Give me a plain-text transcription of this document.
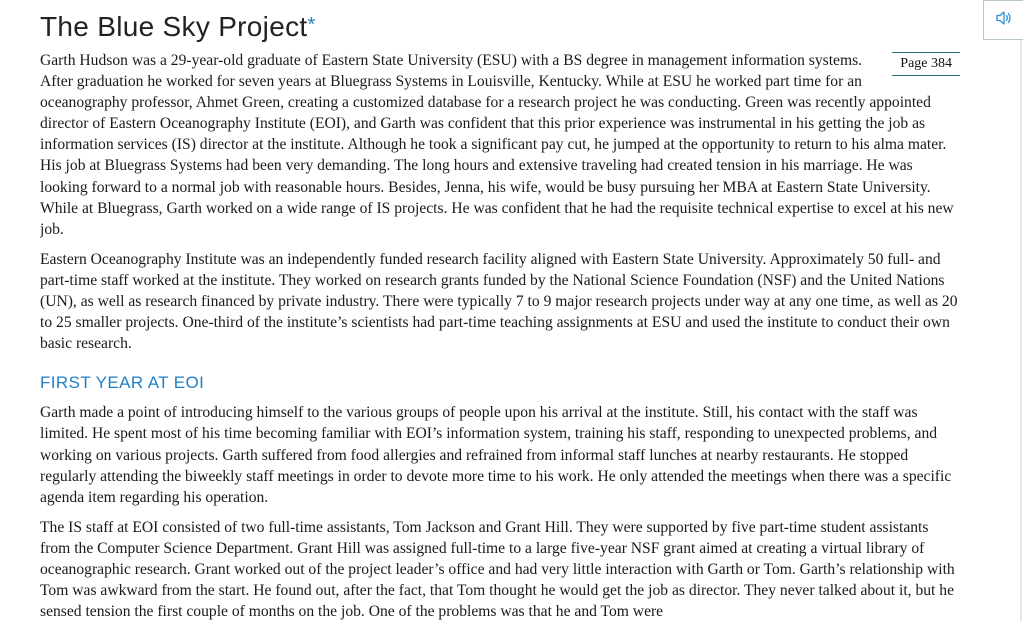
The Blue Sky Project*

Page 384
Garth Hudson was a 29-year-old graduate of Eastern State University (ESU) with a BS degree in management information systems. After graduation he worked for seven years at Bluegrass Systems in Louisville, Kentucky. While at ESU he worked part time for an oceanography professor, Ahmet Green, creating a customized database for a research project he was conducting. Green was recently appointed director of Eastern Oceanography Institute (EOI), and Garth was confident that this prior experience was instrumental in his getting the job as information services (IS) director at the institute. Although he took a significant pay cut, he jumped at the opportunity to return to his alma mater. His job at Bluegrass Systems had been very demanding. The long hours and extensive traveling had created tension in his marriage. He was looking forward to a normal job with reasonable hours. Besides, Jenna, his wife, would be busy pursuing her MBA at Eastern State University. While at Bluegrass, Garth worked on a wide range of IS projects. He was confident that he had the requisite technical expertise to excel at his new job.

Eastern Oceanography Institute was an independently funded research facility aligned with Eastern State University. Approximately 50 full- and part-time staff worked at the institute. They worked on research grants funded by the National Science Foundation (NSF) and the United Nations (UN), as well as research financed by private industry. There were typically 7 to 9 major research projects under way at any one time, as well as 20 to 25 smaller projects. One-third of the institute’s scientists had part-time teaching assignments at ESU and used the institute to conduct their own basic research.

FIRST YEAR AT EOI

Garth made a point of introducing himself to the various groups of people upon his arrival at the institute. Still, his contact with the staff was limited. He spent most of his time becoming familiar with EOI’s information system, training his staff, responding to unexpected problems, and working on various projects. Garth suffered from food allergies and refrained from informal staff lunches at nearby restaurants. He stopped regularly attending the biweekly staff meetings in order to devote more time to his work. He only attended the meetings when there was a specific agenda item regarding his operation.

The IS staff at EOI consisted of two full-time assistants, Tom Jackson and Grant Hill. They were supported by five part-time student assistants from the Computer Science Department. Grant Hill was assigned full-time to a large five-year NSF grant aimed at creating a virtual library of oceanographic research. Grant worked out of the project leader’s office and had very little interaction with Garth or Tom. Garth’s relationship with Tom was awkward from the start. He found out, after the fact, that Tom thought he would get the job as director. They never talked about it, but he sensed tension the first couple of months on the job. One of the problems was that he and Tom were
